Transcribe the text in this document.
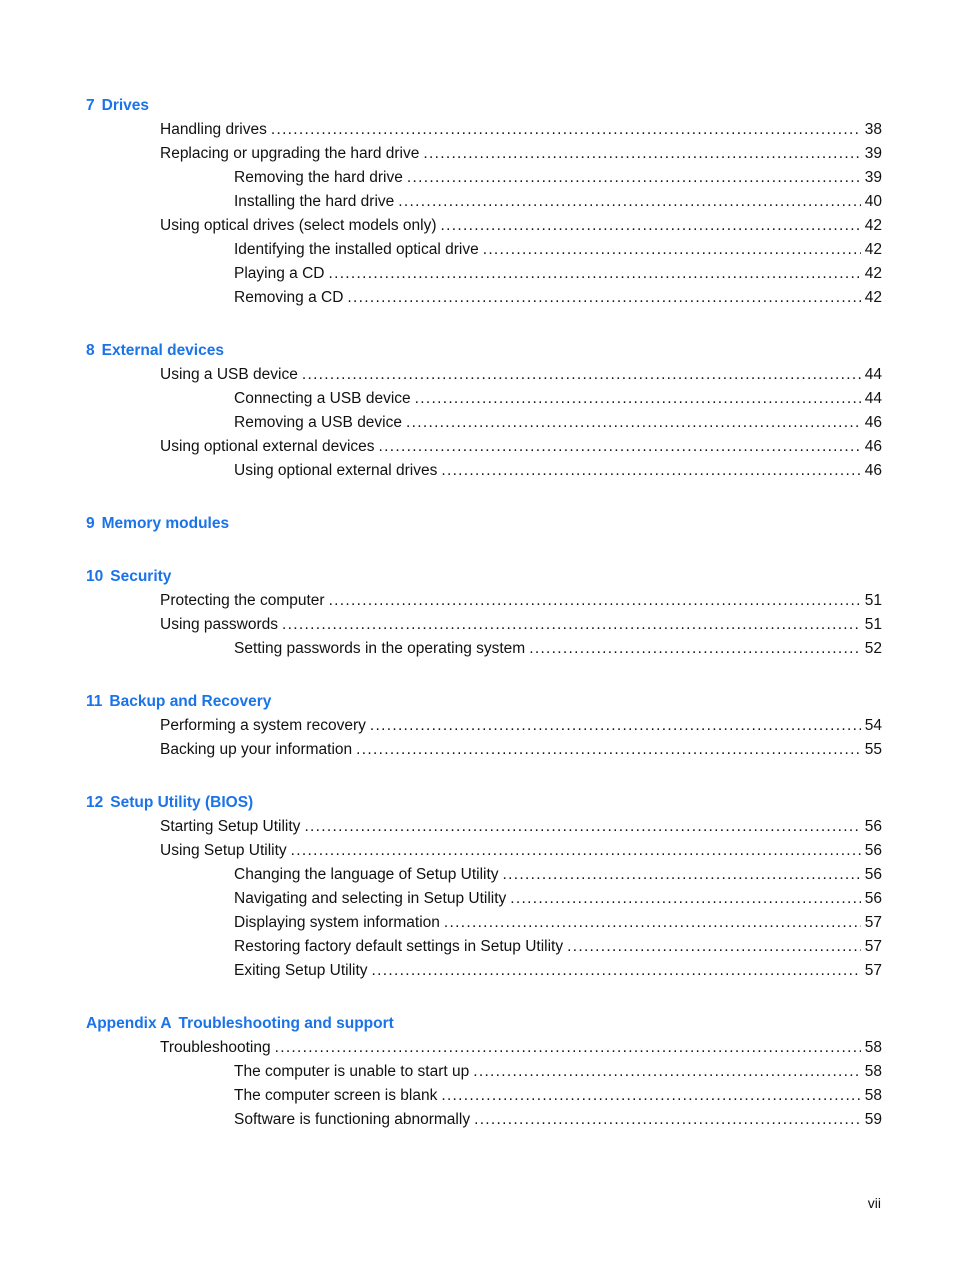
7 Drives
Handling drives . . .	38
Replacing or upgrading the hard drive . . .	39
Removing the hard drive . . .	39
Installing the hard drive . . .	40
Using optical drives (select models only) . . .	42
Identifying the installed optical drive . . .	42
Playing a CD . . .	42
Removing a CD . . .	42
8 External devices
Using a USB device . . .	44
Connecting a USB device . . .	44
Removing a USB device . . .	46
Using optional external devices . . .	46
Using optional external drives . . .	46
9 Memory modules
10 Security
Protecting the computer . . .	51
Using passwords . . .	51
Setting passwords in the operating system . . .	52
11 Backup and Recovery
Performing a system recovery . . .	54
Backing up your information . . .	55
12 Setup Utility (BIOS)
Starting Setup Utility . . .	56
Using Setup Utility . . .	56
Changing the language of Setup Utility . . .	56
Navigating and selecting in Setup Utility . . .	56
Displaying system information . . .	57
Restoring factory default settings in Setup Utility . . .	57
Exiting Setup Utility . . .	57
Appendix A Troubleshooting and support
Troubleshooting . . .	58
The computer is unable to start up . . .	58
The computer screen is blank . . .	58
Software is functioning abnormally . . .	59
vii
